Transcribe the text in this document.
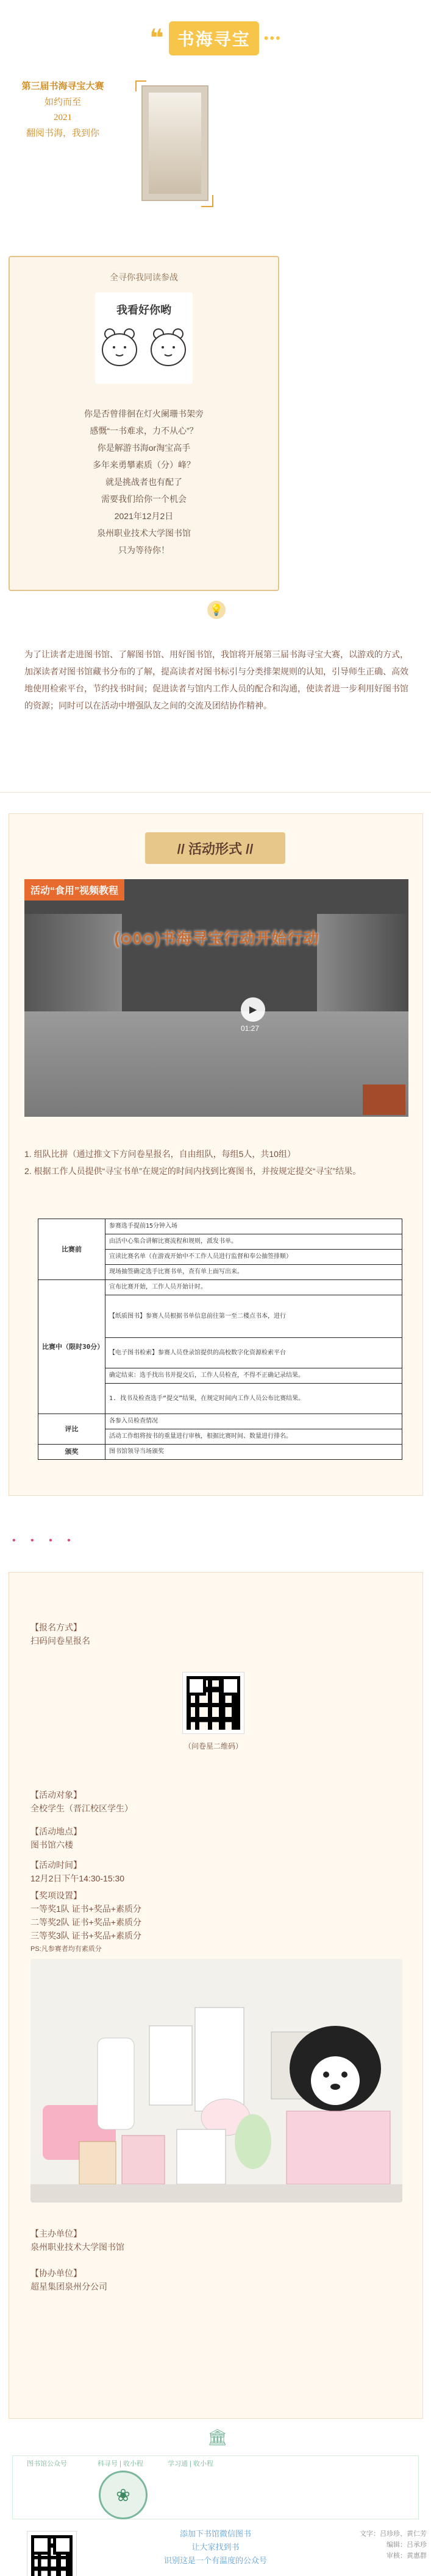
❝ 书海寻宝	•••
第三届书海寻宝大赛
如约而至
2021
翻阅书海，我到你
全寻你我同读参战
我看好你哟
你是否曾徘徊在灯火阑珊书架旁
感慨“一书难求，力不从心”？
你是解游书海or淘宝高手
多年来勇攀素质（分）峰？
就是挑战者也有配了
需要我们给你一个机会
2021年12月2日
泉州职业技术大学图书馆
只为等待你！
💡
为了让读者走进图书馆、了解图书馆、用好图书馆，我馆将开展第三届书海寻宝大赛，以游戏的方式，加深读者对图书馆藏书分布的了解，提高读者对图书标引与分类排架规则的认知，引导师生正确、高效地使用检索平台，节约找书时间；促进读者与馆内工作人员的配合和沟通，使读者进一步利用好图书馆的资源；同时可以在活动中增强队友之间的交流及团结协作精神。
// 活动形式 //
活动“食用”视频教程
(⊙0⊙)书海寻宝行动开始行动
▶
01:27
1. 组队比拼（通过推文下方问卷星报名，自由组队，每组5人，共10组）
2. 根据工作人员提供“寻宝书单”在规定的时间内找到比赛图书，并按规定提交“寻宝”结果。
比赛前	参赛选手提前15分钟入场
	由活中心集合讲解比赛流程和规则，派发书单。
	宣读比赛名单（在游戏开始中不工作人员进行监督和奉公抽签排顺）
	现场抽签确定选手比赛书单，查有单上面写出来。
比赛中（限时30分）	宣布比赛开始，工作人员开始计时。
	【纸质图书】参赛人员根据书单信息前往第一至二楼点书本，进行
	【电子图书检索】参赛人员登录馆提供的高校数字化资源检索平台
	确定结束：选手找出书并提交后，工作人员检查，不得不正确记录结果。
	1. 找书及检查选手“提交”结果，在规定时间内工作人员公布比赛结果。
评比	各参入员检查情况
	活动工作组将按书的重量进行审核，根据比赛时间、数量进行排名。
颁奖	图书馆领导当场颁奖
• • • •
【报名方式】
扫码问卷星报名
（问卷星二维码）
【活动对象】
全校学生（晋江校区学生）
【活动地点】
图书馆六楼
【活动时间】
12月2日下午14:30-15:30
【奖项设置】
一等奖1队 证书+奖品+素质分
二等奖2队 证书+奖品+素质分
三等奖3队 证书+奖品+素质分
PS:凡参赛者均有素质分
【主办单位】
泉州职业技术大学图书馆
【协办单位】
超星集团泉州分公司
🏛
图书馆公众号	科寻号 | 收小程	学习通 | 收小程
❀
添加下书馆微信图书
让大家找到书
识别这是一个有温度的公众号
文字：吕珍珍、黄仁芳
编辑：吕承珍
审核：黄惠群
